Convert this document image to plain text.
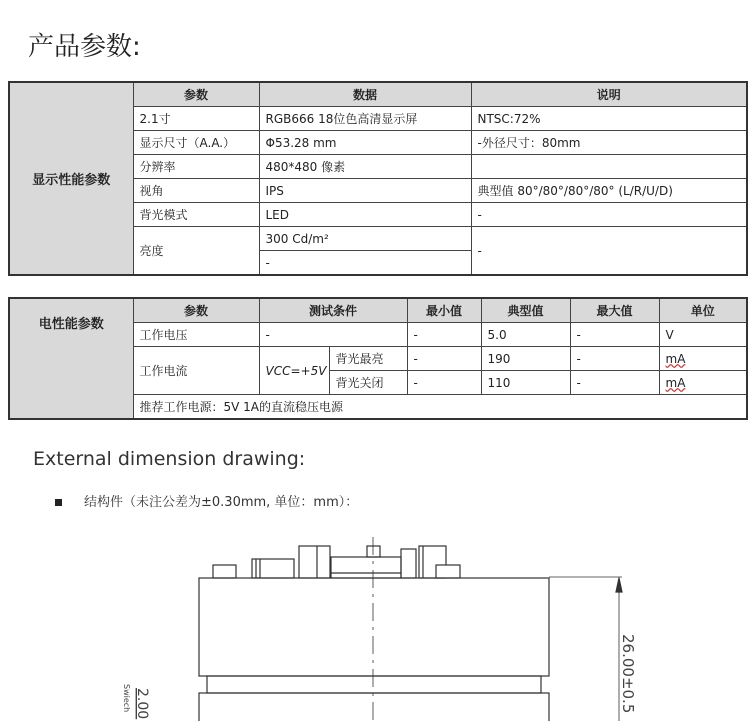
产品参数:
显示性能参数	参数	数据	说明
	2.1寸	RGB666 18位色高清显示屏	NTSC:72%
	显示尺寸（A.A.）	Φ53.28 mm	-外径尺寸：80mm
	分辨率	480*480 像素	
	视角	IPS	典型值 80°/80°/80°/80° (L/R/U/D)
	背光模式	LED	-
	亮度	300 Cd/m²	-
		-	
电性能参数	参数	测试条件		最小值	典型值	最大值	单位
	工作电压	-		-	5.0	-	V
	工作电流	VCC=+5V	背光最亮	-	190	-	mA
			背光关闭	-	110	-	mA
	推荐工作电源：5V 1A的直流稳压电源						
External dimension drawing:
结构件（未注公差为±0.30mm, 单位：mm）：
26.00±0.5
2.00
Swiech
